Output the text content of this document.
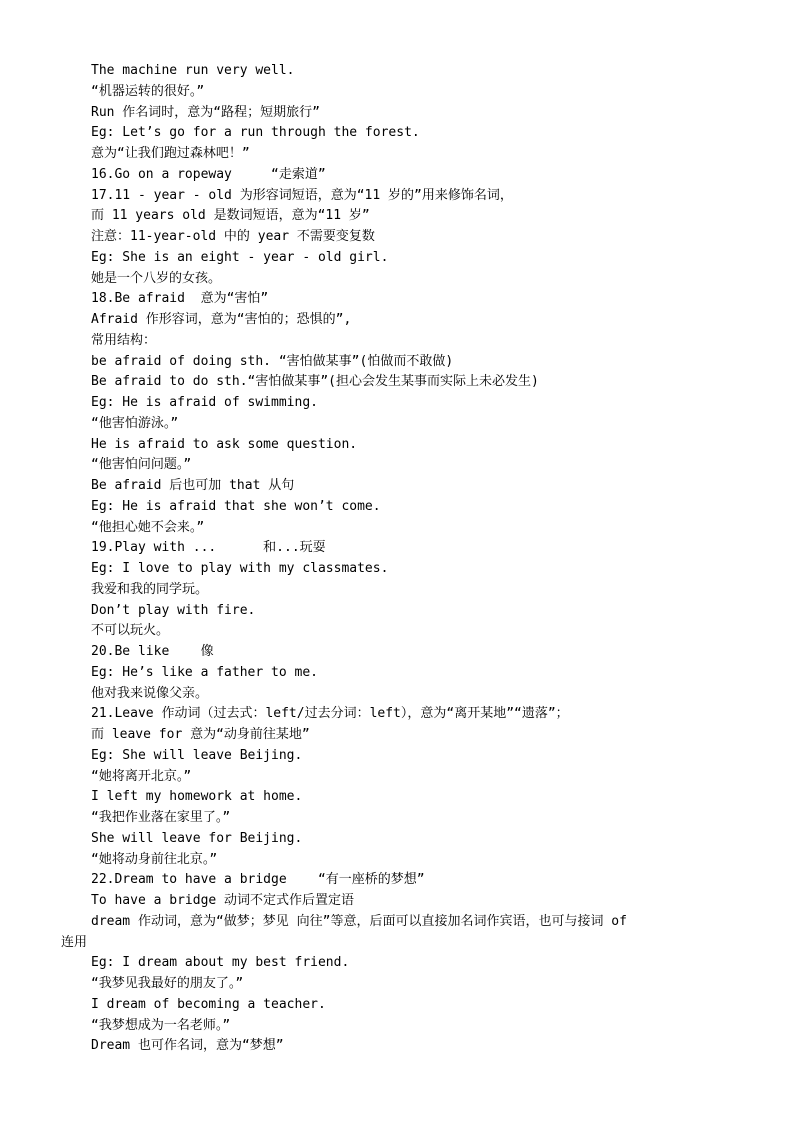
The machine run very well.

“机器运转的很好。”

Run 作名词时，意为“路程；短期旅行”

Eg: Let’s go for a run through the forest.

意为“让我们跑过森林吧！”

16.Go on a ropeway     “走索道”

17.11 - year - old 为形容词短语，意为“11 岁的”用来修饰名词，

而 11 years old 是数词短语，意为“11 岁”

注意：11-year-old 中的 year 不需要变复数

Eg: She is an eight - year - old girl.

她是一个八岁的女孩。

18.Be afraid  意为“害怕”

Afraid 作形容词，意为“害怕的；恐惧的”,

常用结构：

be afraid of doing sth. “害怕做某事”(怕做而不敢做)

Be afraid to do sth.“害怕做某事”(担心会发生某事而实际上未必发生)

Eg: He is afraid of swimming.

“他害怕游泳。”

He is afraid to ask some question.

“他害怕问问题。”

Be afraid 后也可加 that 从句

Eg: He is afraid that she won’t come.

“他担心她不会来。”

19.Play with ...      和...玩耍

Eg: I love to play with my classmates.

我爱和我的同学玩。

Don’t play with fire.

不可以玩火。

20.Be like    像

Eg: He’s like a father to me.

他对我来说像父亲。

21.Leave 作动词（过去式：left/过去分词：left），意为“离开某地”“遗落”；

而 leave for 意为“动身前往某地”

Eg: She will leave Beijing.

“她将离开北京。”

I left my homework at home.

“我把作业落在家里了。”

She will leave for Beijing.

“她将动身前往北京。”

22.Dream to have a bridge    “有一座桥的梦想”

To have a bridge 动词不定式作后置定语

dream 作动词，意为“做梦；梦见 向往”等意，后面可以直接加名词作宾语，也可与接词 of

连用

Eg: I dream about my best friend.

“我梦见我最好的朋友了。”

I dream of becoming a teacher.

“我梦想成为一名老师。”

Dream 也可作名词，意为“梦想”
